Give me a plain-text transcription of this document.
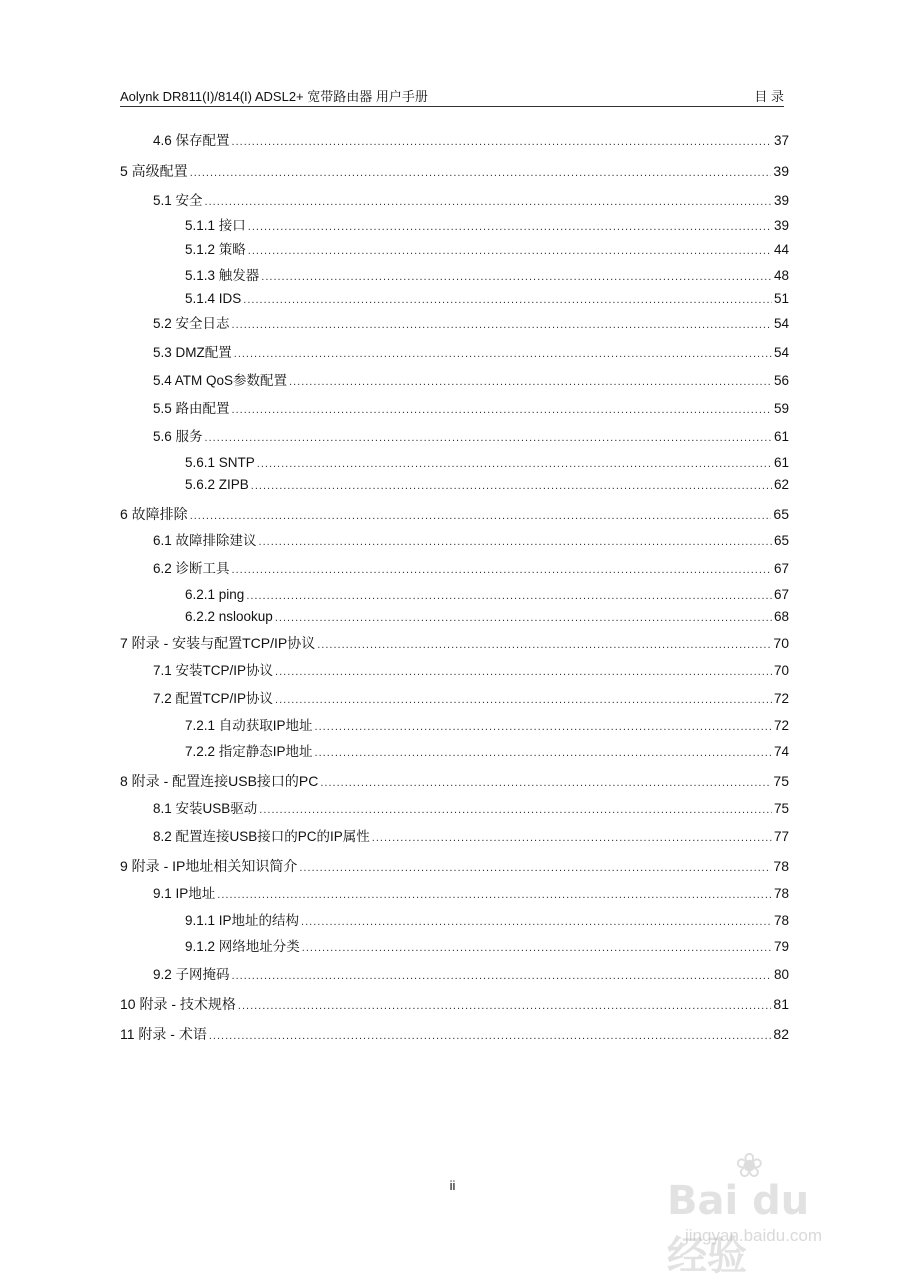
Aolynk DR811(I)/814(I) ADSL2+ 宽带路由器 用户手册	目 录
4.6 保存配置 .....	37
5 高级配置 .....	39
5.1 安全 .....	39
5.1.1 接口 .....	39
5.1.2 策略 .....	44
5.1.3 触发器 .....	48
5.1.4 IDS .....	51
5.2 安全日志 .....	54
5.3 DMZ配置 .....	54
5.4 ATM QoS参数配置 .....	56
5.5 路由配置 .....	59
5.6 服务 .....	61
5.6.1 SNTP .....	61
5.6.2 ZIPB .....	62
6 故障排除 .....	65
6.1 故障排除建议 .....	65
6.2 诊断工具 .....	67
6.2.1 ping .....	67
6.2.2 nslookup .....	68
7 附录 - 安装与配置TCP/IP协议 .....	70
7.1 安装TCP/IP协议 .....	70
7.2 配置TCP/IP协议 .....	72
7.2.1 自动获取IP地址 .....	72
7.2.2 指定静态IP地址 .....	74
8 附录 - 配置连接USB接口的PC .....	75
8.1 安装USB驱动 .....	75
8.2 配置连接USB接口的PC的IP属性 .....	77
9 附录 - IP地址相关知识简介 .....	78
9.1 IP地址 .....	78
9.1.1 IP地址的结构 .....	78
9.1.2 网络地址分类 .....	79
9.2 子网掩码 .....	80
10 附录 - 技术规格 .....	81
11 附录 - 术语 .....	82
ii
❀
Bai du 经验
jingyan.baidu.com
